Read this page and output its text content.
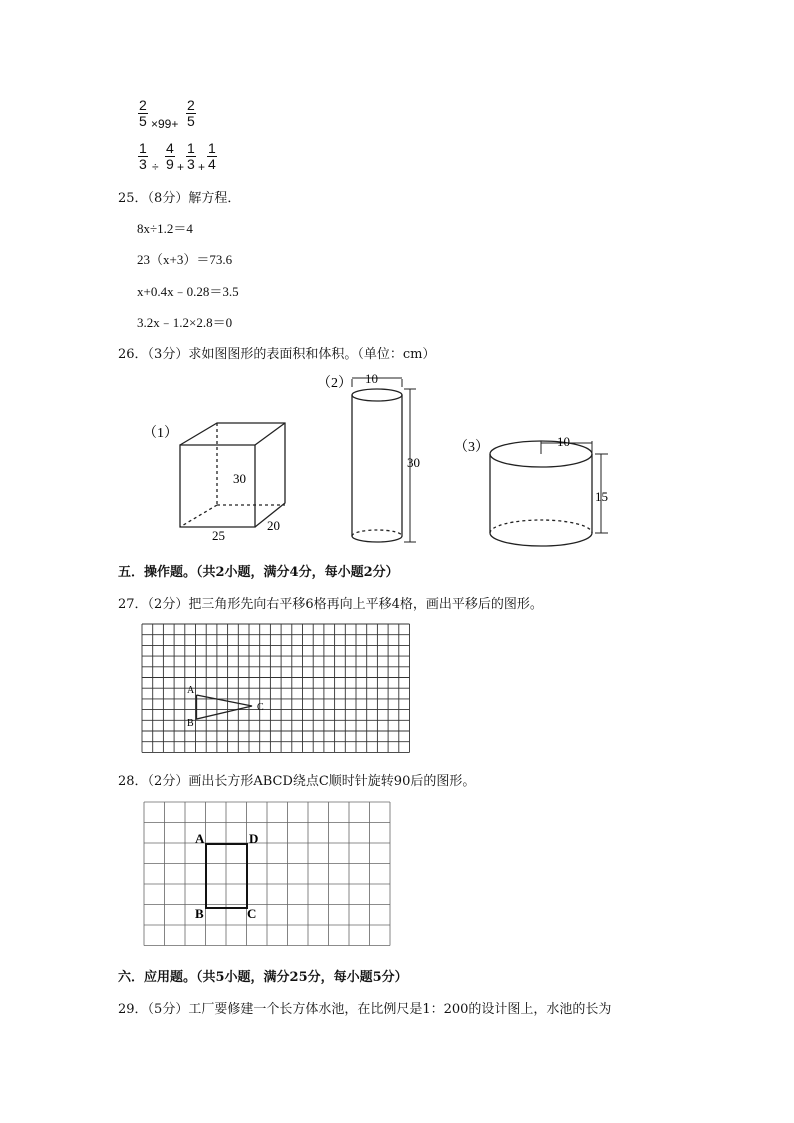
$\frac{2}{5} \times 99+ \frac{2}{5}$
$\frac{1}{3} \div \frac{4}{9} + \frac{1}{3} + \frac{1}{4}$
25．（8分）解方程．
8x÷1.2＝4
23（x+3）＝73.6
x+0.4x﹣0.28＝3.5
3.2x﹣1.2×2.8＝0
26．（3分）求如图图形的表面积和体积。（单位：cm）
（1）
30
25
20
（2） 10
30
（3）	10
15
五．操作题。（共2小题，满分4分，每小题2分）
27．（2分）把三角形先向右平移6格再向上平移4格，画出平移后的图形。
A
B
C
28．（2分）画出长方形ABCD绕点C顺时针旋转90后的图形。
A	D
B	C
六．应用题。（共5小题，满分25分，每小题5分）
29．（5分）工厂要修建一个长方体水池，在比例尺是1：200的设计图上，水池的长为
